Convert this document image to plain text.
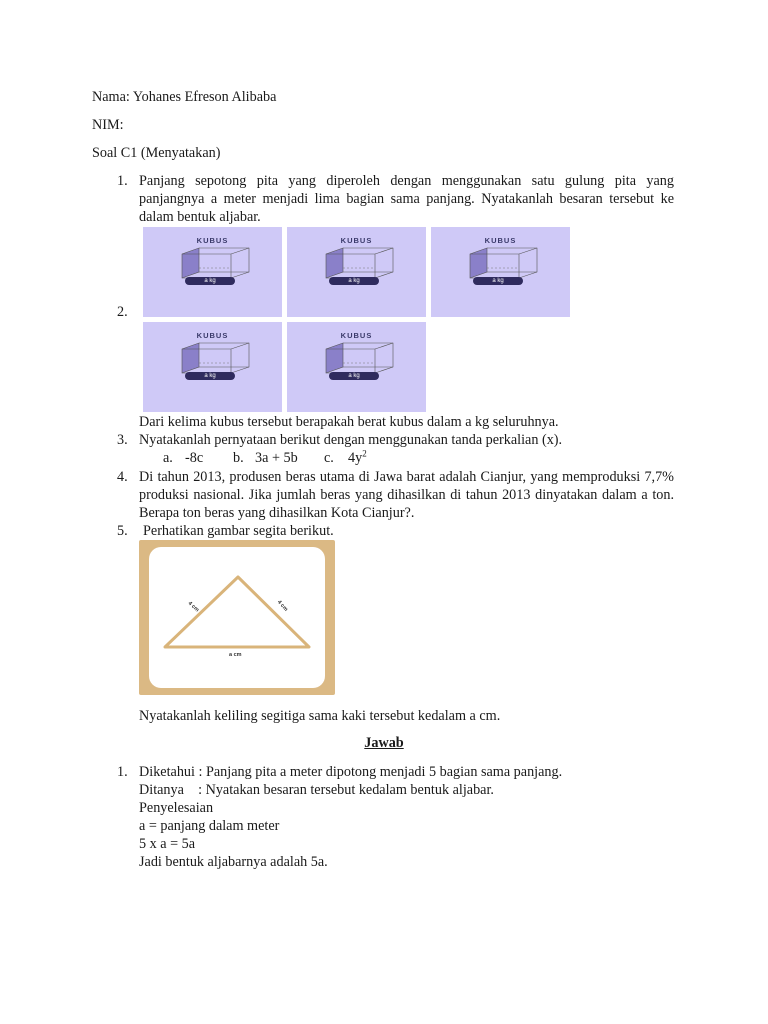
Nama: Yohanes Efreson Alibaba
NIM:
Soal C1 (Menyatakan)
1. Panjang sepotong pita yang diperoleh dengan menggunakan satu gulung pita yang panjangnya a meter menjadi lima bagian sama panjang. Nyatakanlah besaran tersebut ke dalam bentuk aljabar.
KUBUS
a kg
KUBUS
a kg
KUBUS
a kg
2.
KUBUS
a kg
KUBUS
a kg
Dari kelima kubus tersebut berapakah berat kubus dalam a kg seluruhnya.
3. Nyatakanlah pernyataan berikut dengan menggunakan tanda perkalian (x).
a. -8c b. 3a + 5b c. $4y^2$
4. Di tahun 2013, produsen beras utama di Jawa barat adalah Cianjur, yang memproduksi 7,7% produksi nasional. Jika jumlah beras yang dihasilkan di tahun 2013 dinyatakan dalam a ton. Berapa ton beras yang dihasilkan Kota Cianjur?.
5. Perhatikan gambar segita berikut.
4 cm	4 cm
a cm
Nyatakanlah keliling segitiga sama kaki tersebut kedalam a cm.
Jawab
1. Diketahui : Panjang pita a meter dipotong menjadi 5 bagian sama panjang.
Ditanya    : Nyatakan besaran tersebut kedalam bentuk aljabar.
Penyelesaian
a = panjang dalam meter
5 x a = 5a
Jadi bentuk aljabarnya adalah 5a.
